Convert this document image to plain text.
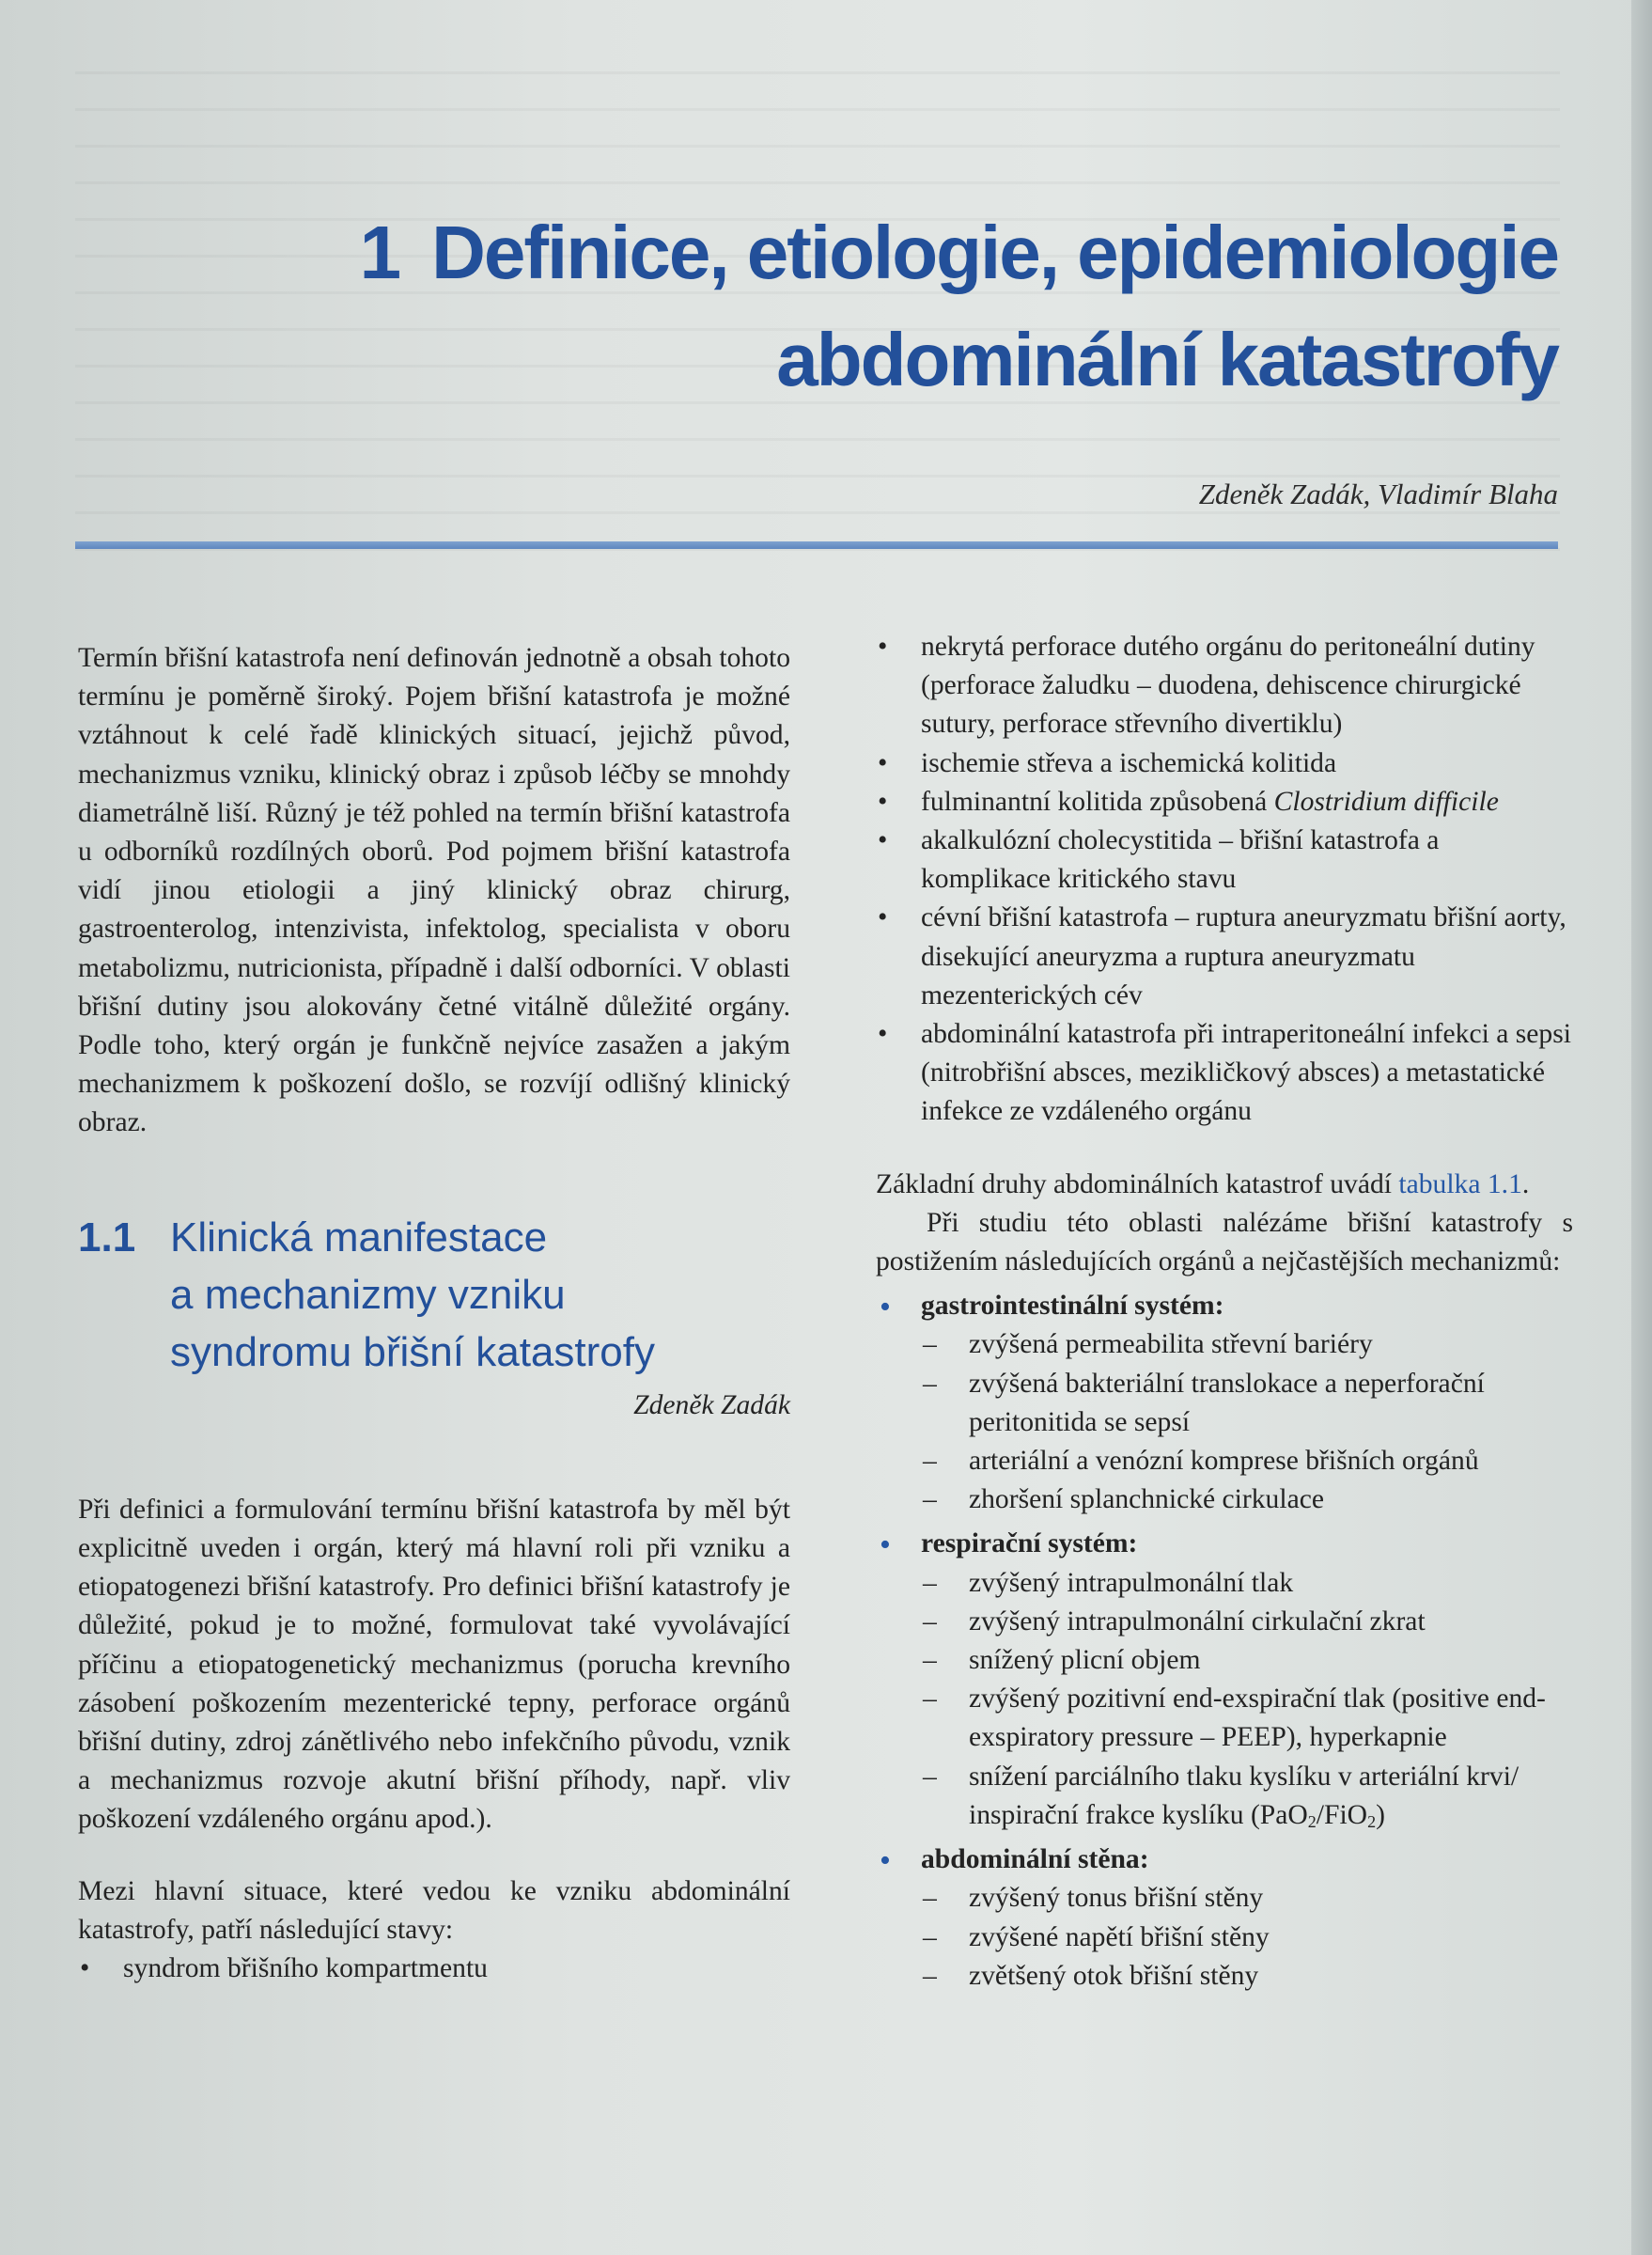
1 Definice, etiologie, epidemiologie
abdominální katastrofy
Zdeněk Zadák, Vladimír Blaha

Termín břišní katastrofa není definován jednotně a obsah tohoto termínu je poměrně široký. Pojem břišní katastrofa je možné vztáhnout k celé řadě klinických situací, jejichž původ, mechanizmus vzniku, klinický obraz i způsob léčby se mnohdy diametrálně liší. Různý je též pohled na termín břišní katastrofa u odborníků rozdílných oborů. Pod pojmem břišní katastrofa vidí jinou etiologii a jiný klinický obraz chirurg, gastroenterolog, intenzivista, infektolog, specialista v oboru metabolizmu, nutricionista, případně i další odborníci. V oblasti břišní dutiny jsou alokovány četné vitálně důležité orgány. Podle toho, který orgán je funkčně nejvíce zasažen a jakým mechanizmem k poškození došlo, se rozvíjí odlišný klinický obraz.

1.1 Klinická manifestace
a mechanizmy vzniku
syndromu břišní katastrofy
Zdeněk Zadák

Při definici a formulování termínu břišní katastrofa by měl být explicitně uveden i orgán, který má hlavní roli při vzniku a etiopatogenezi břišní katastrofy. Pro definici břišní katastrofy je důležité, pokud je to možné, formulovat také vyvolávající příčinu a etiopatogenetický mechanizmus (porucha krevního zásobení poškozením mezenterické tepny, perforace orgánů břišní dutiny, zdroj zánětlivého nebo infekčního původu, vznik a mechanizmus rozvoje akutní břišní příhody, např. vliv poškození vzdáleného orgánu apod.).

Mezi hlavní situace, které vedou ke vzniku abdominální katastrofy, patří následující stavy:

• syndrom břišního kompartmentu
• nekrytá perforace dutého orgánu do peritoneální dutiny (perforace žaludku – duodena, dehiscence chirurgické sutury, perforace střevního divertiklu)
• ischemie střeva a ischemická kolitida
• fulminantní kolitida způsobená Clostridium difficile
• akalkulózní cholecystitida – břišní katastrofa a komplikace kritického stavu
• cévní břišní katastrofa – ruptura aneuryzmatu břišní aorty, disekující aneuryzma a ruptura aneuryzmatu mezenterických cév
• abdominální katastrofa při intraperitoneální infekci a sepsi (nitrobřišní absces, mezikličkový absces) a metastatické infekce ze vzdáleného orgánu

Základní druhy abdominálních katastrof uvádí tabulka 1.1.

Při studiu této oblasti nalézáme břišní katastrofy s postižením následujících orgánů a nejčastějších mechanizmů:

• gastrointestinální systém:
– zvýšená permeabilita střevní bariéry
– zvýšená bakteriální translokace a neperforační peritonitida se sepsí
– arteriální a venózní komprese břišních orgánů
– zhoršení splanchnické cirkulace
• respirační systém:
– zvýšený intrapulmonální tlak
– zvýšený intrapulmonální cirkulační zkrat
– snížený plicní objem
– zvýšený pozitivní end-exspirační tlak (positive end-exspiratory pressure – PEEP), hyperkapnie
– snížení parciálního tlaku kyslíku v arteriální krvi/ inspirační frakce kyslíku (PaO$_2$/FiO$_2$)
• abdominální stěna:
– zvýšený tonus břišní stěny
– zvýšené napětí břišní stěny
– zvětšený otok břišní stěny
